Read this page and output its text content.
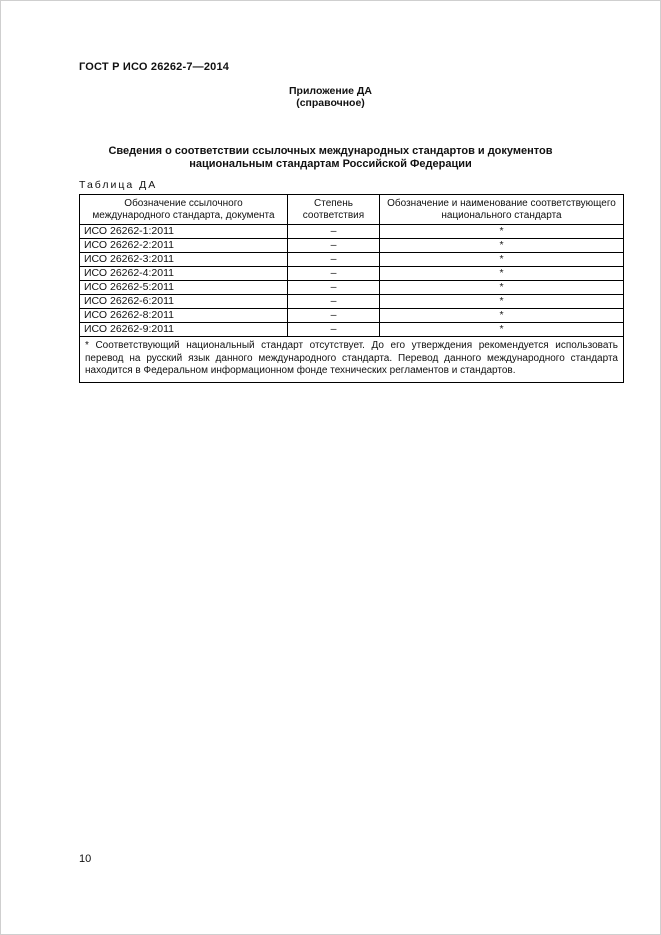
ГОСТ Р ИСО 26262-7—2014
Приложение ДА
(справочное)
Сведения о соответствии ссылочных международных стандартов и документов национальным стандартам Российской Федерации
Таблица ДА
Обозначение ссылочного международного стандарта, документа	Степень соответствия	Обозначение и наименование соответствующего национального стандарта
ИСО 26262-1:2011	–	*
ИСО 26262-2:2011	–	*
ИСО 26262-3:2011	–	*
ИСО 26262-4:2011	–	*
ИСО 26262-5:2011	–	*
ИСО 26262-6:2011	–	*
ИСО 26262-8:2011	–	*
ИСО 26262-9:2011	–	*
* Соответствующий национальный стандарт отсутствует. До его утверждения рекомендуется использовать перевод на русский язык данного международного стандарта. Перевод данного международного стандарта находится в Федеральном информационном фонде технических регламентов и стандартов.		
10
